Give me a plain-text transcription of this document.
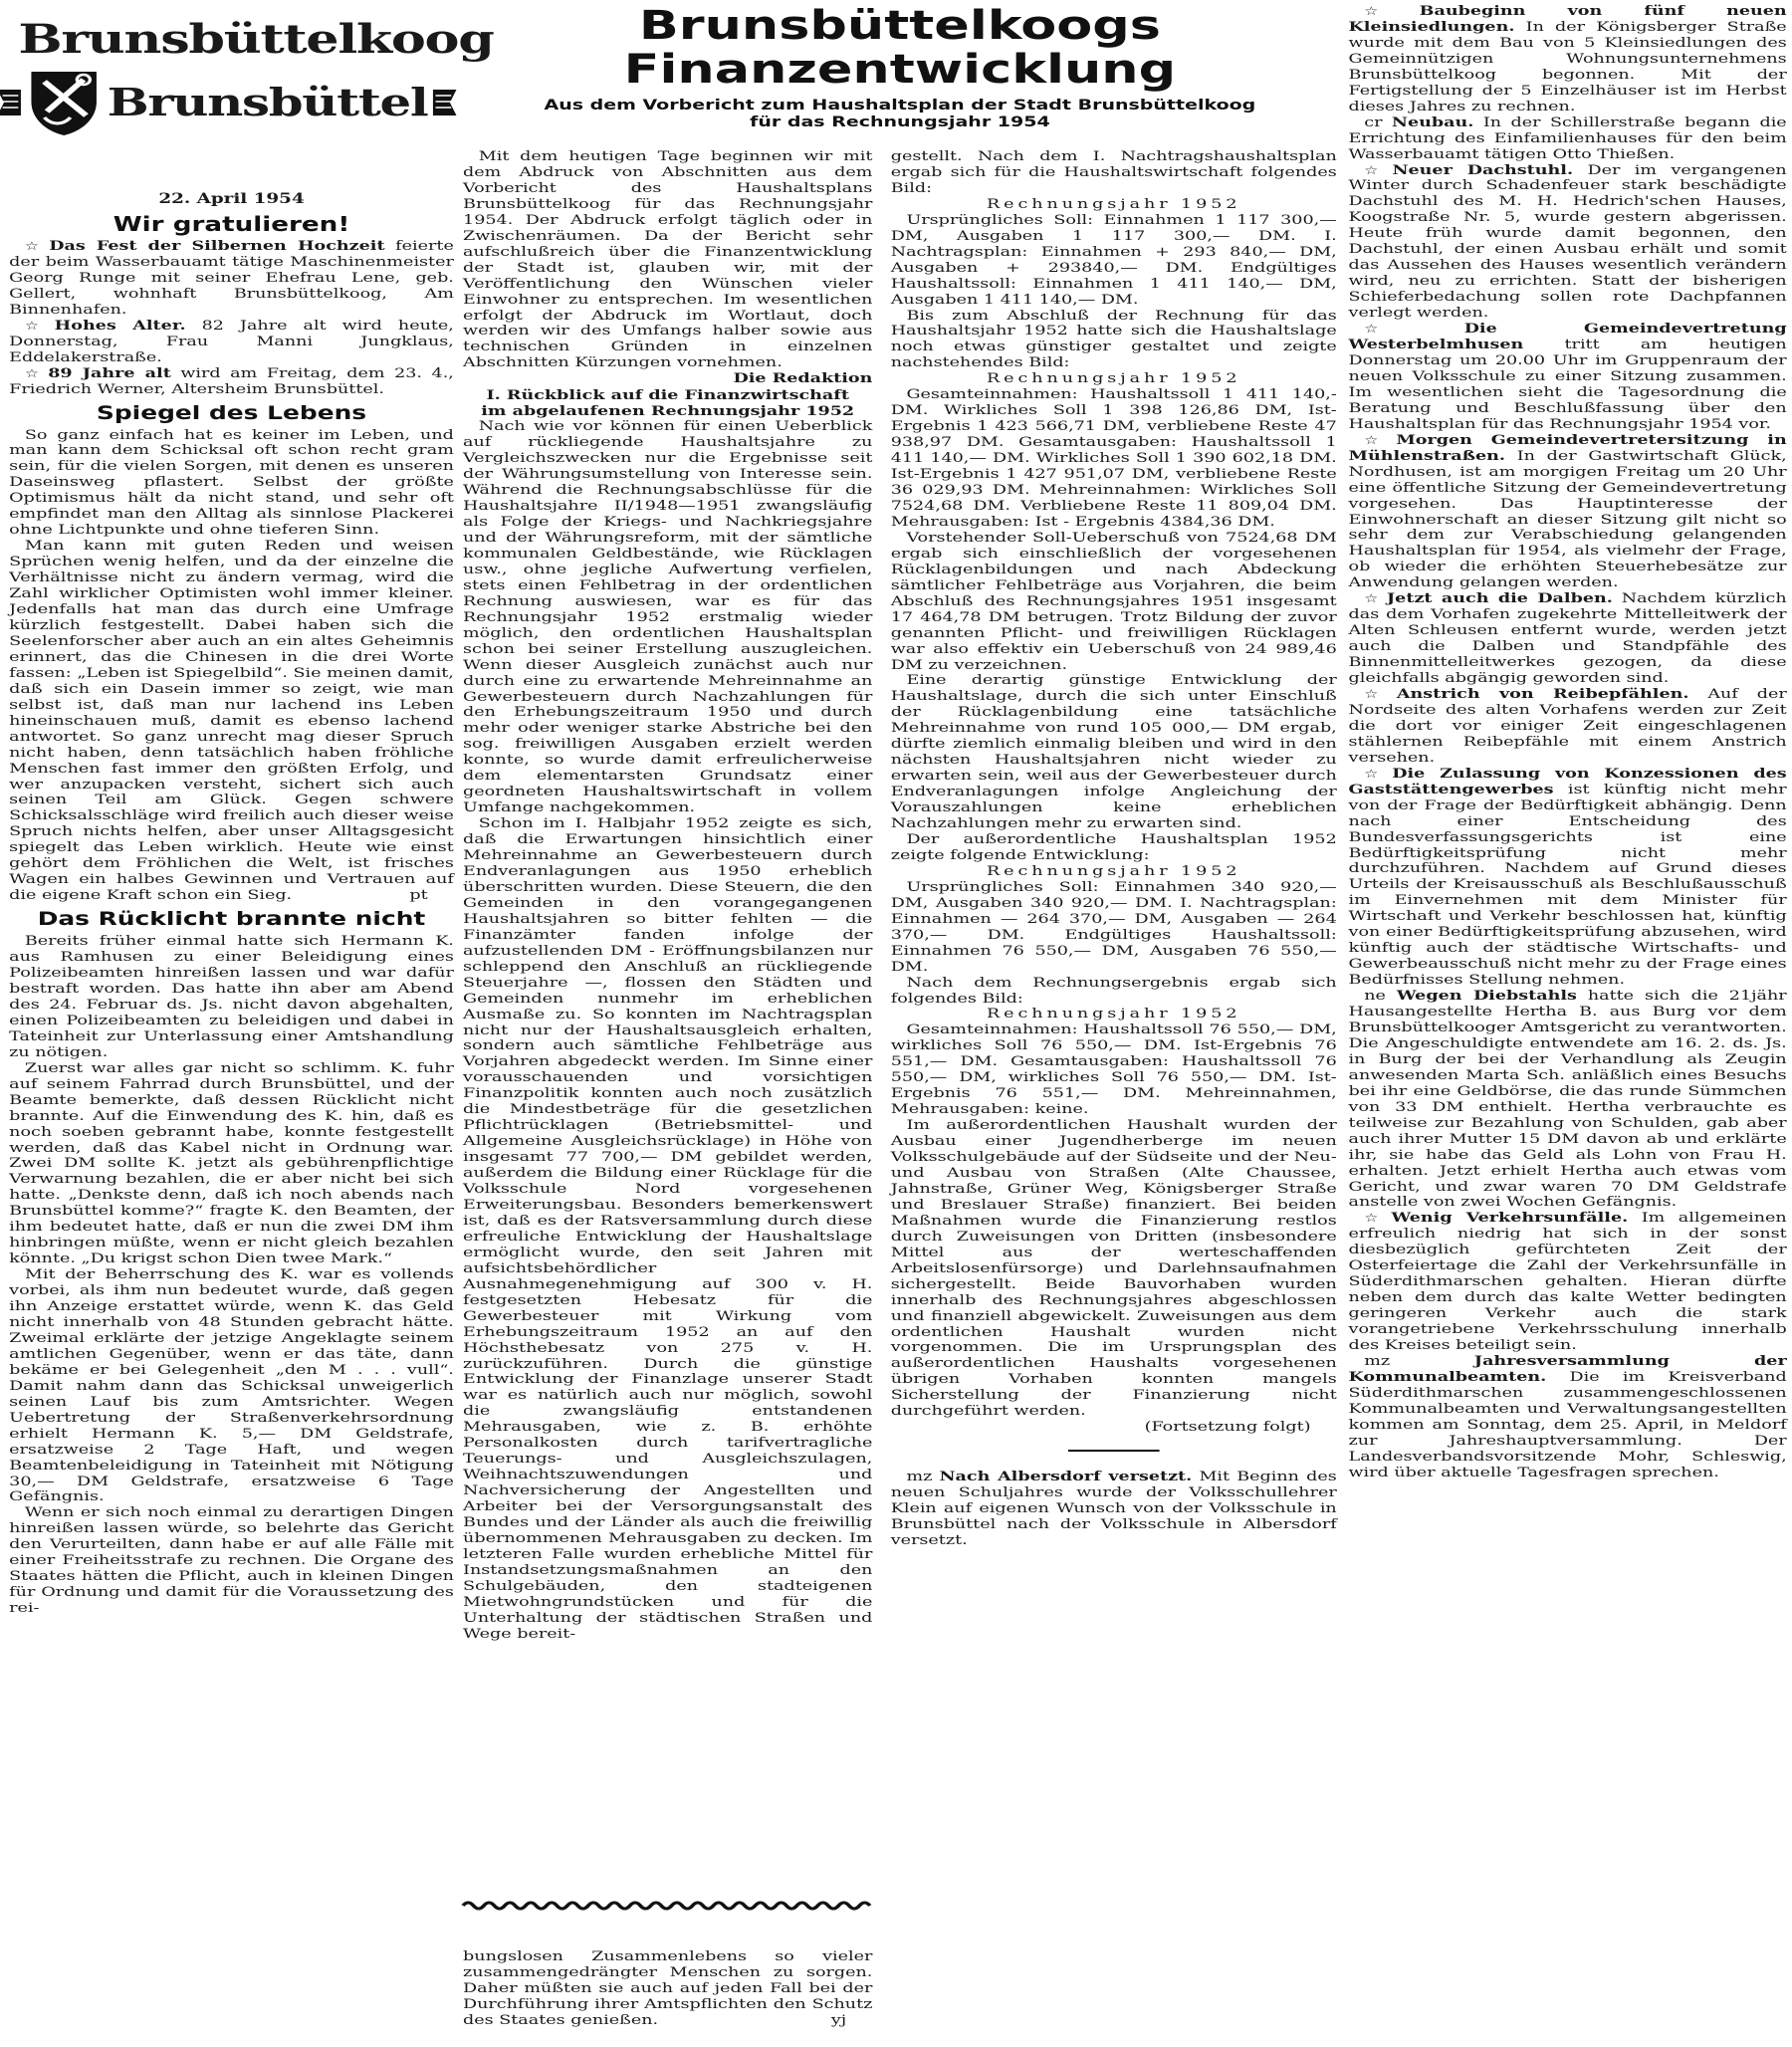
Brunsbüttelkoog
Brunsbüttel
22. April 1954
Wir gratulieren!

☆ Das Fest der Silbernen Hochzeit feierte der beim Wasserbauamt tätige Maschinenmeister Georg Runge mit seiner Ehefrau Lene, geb. Gellert, wohnhaft Brunsbüttelkoog, Am Binnenhafen.

☆ Hohes Alter. 82 Jahre alt wird heute, Donnerstag, Frau Manni Jungklaus, Eddelakerstraße.

☆ 89 Jahre alt wird am Freitag, dem 23. 4., Friedrich Werner, Altersheim Brunsbüttel.

Spiegel des Lebens

So ganz einfach hat es keiner im Leben, und man kann dem Schicksal oft schon recht gram sein, für die vielen Sorgen, mit denen es unseren Daseinsweg pflastert. Selbst der größte Optimismus hält da nicht stand, und sehr oft empfindet man den Alltag als sinnlose Plackerei ohne Lichtpunkte und ohne tieferen Sinn.

Man kann mit guten Reden und weisen Sprüchen wenig helfen, und da der einzelne die Verhältnisse nicht zu ändern vermag, wird die Zahl wirklicher Optimisten wohl immer kleiner. Jedenfalls hat man das durch eine Umfrage kürzlich festgestellt. Dabei haben sich die Seelenforscher aber auch an ein altes Geheimnis erinnert, das die Chinesen in die drei Worte fassen: „Leben ist Spiegelbild“. Sie meinen damit, daß sich ein Dasein immer so zeigt, wie man selbst ist, daß man nur lachend ins Leben hineinschauen muß, damit es ebenso lachend antwortet. So ganz unrecht mag dieser Spruch nicht haben, denn tatsächlich haben fröhliche Menschen fast immer den größten Erfolg, und wer anzupacken versteht, sichert sich auch seinen Teil am Glück. Gegen schwere Schicksalsschläge wird freilich auch dieser weise Spruch nichts helfen, aber unser Alltagsgesicht spiegelt das Leben wirklich. Heute wie einst gehört dem Fröhlichen die Welt, ist frisches Wagen ein halbes Gewinnen und Vertrauen auf die eigene Kraft schon ein Sieg.	pt

Das Rücklicht brannte nicht

Bereits früher einmal hatte sich Hermann K. aus Ramhusen zu einer Beleidigung eines Polizeibeamten hinreißen lassen und war dafür bestraft worden. Das hatte ihn aber am Abend des 24. Februar ds. Js. nicht davon abgehalten, einen Polizeibeamten zu beleidigen und dabei in Tateinheit zur Unterlassung einer Amtshandlung zu nötigen.

Zuerst war alles gar nicht so schlimm. K. fuhr auf seinem Fahrrad durch Brunsbüttel, und der Beamte bemerkte, daß dessen Rücklicht nicht brannte. Auf die Einwendung des K. hin, daß es noch soeben gebrannt habe, konnte festgestellt werden, daß das Kabel nicht in Ordnung war. Zwei DM sollte K. jetzt als gebührenpflichtige Verwarnung bezahlen, die er aber nicht bei sich hatte. „Denkste denn, daß ich noch abends nach Brunsbüttel komme?“ fragte K. den Beamten, der ihm bedeutet hatte, daß er nun die zwei DM ihm hinbringen müßte, wenn er nicht gleich bezahlen könnte. „Du krigst schon Dien twee Mark.“

Mit der Beherrschung des K. war es vollends vorbei, als ihm nun bedeutet wurde, daß gegen ihn Anzeige erstattet würde, wenn K. das Geld nicht innerhalb von 48 Stunden gebracht hätte. Zweimal erklärte der jetzige Angeklagte seinem amtlichen Gegenüber, wenn er das täte, dann bekäme er bei Gelegenheit „den M . . . vull“. Damit nahm dann das Schicksal unweigerlich seinen Lauf bis zum Amtsrichter. Wegen Uebertretung der Straßenverkehrsordnung erhielt Hermann K. 5,— DM Geldstrafe, ersatzweise 2 Tage Haft, und wegen Beamtenbeleidigung in Tateinheit mit Nötigung 30,— DM Geldstrafe, ersatzweise 6 Tage Gefängnis.

Wenn er sich noch einmal zu derartigen Dingen hinreißen lassen würde, so belehrte das Gericht den Verurteilten, dann habe er auf alle Fälle mit einer Freiheitsstrafe zu rechnen. Die Organe des Staates hätten die Pflicht, auch in kleinen Dingen für Ordnung und damit für die Voraussetzung des rei-

Brunsbüttelkoogs
Finanzentwicklung
Aus dem Vorbericht zum Haushaltsplan der Stadt Brunsbüttelkoog
für das Rechnungsjahr 1954

Mit dem heutigen Tage beginnen wir mit dem Abdruck von Abschnitten aus dem Vorbericht des Haushaltsplans Brunsbüttelkoog für das Rechnungsjahr 1954. Der Abdruck erfolgt täglich oder in Zwischenräumen. Da der Bericht sehr aufschlußreich über die Finanzentwicklung der Stadt ist, glauben wir, mit der Veröffentlichung den Wünschen vieler Einwohner zu entsprechen. Im wesentlichen erfolgt der Abdruck im Wortlaut, doch werden wir des Umfangs halber sowie aus technischen Gründen in einzelnen Abschnitten Kürzungen vornehmen.
Die Redaktion

I. Rückblick auf die Finanzwirtschaft im abgelaufenen Rechnungsjahr 1952

Nach wie vor können für einen Ueberblick auf rückliegende Haushaltsjahre zu Vergleichszwecken nur die Ergebnisse seit der Währungsumstellung von Interesse sein. Während die Rechnungsabschlüsse für die Haushaltsjahre II/1948—1951 zwangsläufig als Folge der Kriegs- und Nachkriegsjahre und der Währungsreform, mit der sämtliche kommunalen Geldbestände, wie Rücklagen usw., ohne jegliche Aufwertung verfielen, stets einen Fehlbetrag in der ordentlichen Rechnung auswiesen, war es für das Rechnungsjahr 1952 erstmalig wieder möglich, den ordentlichen Haushaltsplan schon bei seiner Erstellung auszugleichen. Wenn dieser Ausgleich zunächst auch nur durch eine zu erwartende Mehreinnahme an Gewerbesteuern durch Nachzahlungen für den Erhebungszeitraum 1950 und durch mehr oder weniger starke Abstriche bei den sog. freiwilligen Ausgaben erzielt werden konnte, so wurde damit erfreulicherweise dem elementarsten Grundsatz einer geordneten Haushaltswirtschaft in vollem Umfange nachgekommen.

Schon im I. Halbjahr 1952 zeigte es sich, daß die Erwartungen hinsichtlich einer Mehreinnahme an Gewerbesteuern durch Endveranlagungen aus 1950 erheblich überschritten wurden. Diese Steuern, die den Gemeinden in den vorangegangenen Haushaltsjahren so bitter fehlten — die Finanzämter fanden infolge der aufzustellenden DM - Eröffnungsbilanzen nur schleppend den Anschluß an rückliegende Steuerjahre —, flossen den Städten und Gemeinden nunmehr im erheblichen Ausmaße zu. So konnten im Nachtragsplan nicht nur der Haushaltsausgleich erhalten, sondern auch sämtliche Fehlbeträge aus Vorjahren abgedeckt werden. Im Sinne einer vorausschauenden und vorsichtigen Finanzpolitik konnten auch noch zusätzlich die Mindestbeträge für die gesetzlichen Pflichtrücklagen (Betriebsmittel- und Allgemeine Ausgleichsrücklage) in Höhe von insgesamt 77 700,— DM gebildet werden, außerdem die Bildung einer Rücklage für die Volksschule Nord vorgesehenen Erweiterungsbau. Besonders bemerkenswert ist, daß es der Ratsversammlung durch diese erfreuliche Entwicklung der Haushaltslage ermöglicht wurde, den seit Jahren mit aufsichtsbehördlicher Ausnahmegenehmigung auf 300 v. H. festgesetzten Hebesatz für die Gewerbesteuer mit Wirkung vom Erhebungszeitraum 1952 an auf den Höchsthebesatz von 275 v. H. zurückzuführen. Durch die günstige Entwicklung der Finanzlage unserer Stadt war es natürlich auch nur möglich, sowohl die zwangsläufig entstandenen Mehrausgaben, wie z. B. erhöhte Personalkosten durch tarifvertragliche Teuerungs- und Ausgleichszulagen, Weihnachtszuwendungen und Nachversicherung der Angestellten und Arbeiter bei der Versorgungsanstalt des Bundes und der Länder als auch die freiwillig übernommenen Mehrausgaben zu decken. Im letzteren Falle wurden erhebliche Mittel für Instandsetzungsmaßnahmen an den Schulgebäuden, den stadteigenen Mietwohngrundstücken und für die Unterhaltung der städtischen Straßen und Wege bereit-

bungslosen Zusammenlebens so vieler zusammengedrängter Menschen zu sorgen. Daher müßten sie auch auf jeden Fall bei der Durchführung ihrer Amtspflichten den Schutz des Staates genießen.	yj

gestellt. Nach dem I. Nachtragshaushaltsplan ergab sich für die Haushaltswirtschaft folgendes Bild:

Rechnungsjahr 1952

Ursprüngliches Soll: Einnahmen 1 117 300,— DM, Ausgaben 1 117 300,— DM. I. Nachtragsplan: Einnahmen + 293 840,— DM, Ausgaben + 293840,— DM. Endgültiges Haushaltssoll: Einnahmen 1 411 140,— DM, Ausgaben 1 411 140,— DM.

Bis zum Abschluß der Rechnung für das Haushaltsjahr 1952 hatte sich die Haushaltslage noch etwas günstiger gestaltet und zeigte nachstehendes Bild:

Rechnungsjahr 1952

Gesamteinnahmen: Haushaltssoll 1 411 140,- DM. Wirkliches Soll 1 398 126,86 DM, Ist-Ergebnis 1 423 566,71 DM, verbliebene Reste 47 938,97 DM. Gesamtausgaben: Haushaltssoll 1 411 140,— DM. Wirkliches Soll 1 390 602,18 DM. Ist-Ergebnis 1 427 951,07 DM, verbliebene Reste 36 029,93 DM. Mehreinnahmen: Wirkliches Soll 7524,68 DM. Verbliebene Reste 11 809,04 DM. Mehrausgaben: Ist - Ergebnis 4384,36 DM.

Vorstehender Soll-Ueberschuß von 7524,68 DM ergab sich einschließlich der vorgesehenen Rücklagenbildungen und nach Abdeckung sämtlicher Fehlbeträge aus Vorjahren, die beim Abschluß des Rechnungsjahres 1951 insgesamt 17 464,78 DM betrugen. Trotz Bildung der zuvor genannten Pflicht- und freiwilligen Rücklagen war also effektiv ein Ueberschuß von 24 989,46 DM zu verzeichnen.

Eine derartig günstige Entwicklung der Haushaltslage, durch die sich unter Einschluß der Rücklagenbildung eine tatsächliche Mehreinnahme von rund 105 000,— DM ergab, dürfte ziemlich einmalig bleiben und wird in den nächsten Haushaltsjahren nicht wieder zu erwarten sein, weil aus der Gewerbesteuer durch Endveranlagungen infolge Angleichung der Vorauszahlungen keine erheblichen Nachzahlungen mehr zu erwarten sind.

Der außerordentliche Haushaltsplan 1952 zeigte folgende Entwicklung:

Rechnungsjahr 1952

Ursprüngliches Soll: Einnahmen 340 920,— DM, Ausgaben 340 920,— DM. I. Nachtragsplan: Einnahmen — 264 370,— DM, Ausgaben — 264 370,— DM. Endgültiges Haushaltssoll: Einnahmen 76 550,— DM, Ausgaben 76 550,— DM.

Nach dem Rechnungsergebnis ergab sich folgendes Bild:

Rechnungsjahr 1952

Gesamteinnahmen: Haushaltssoll 76 550,— DM, wirkliches Soll 76 550,— DM. Ist-Ergebnis 76 551,— DM. Gesamtausgaben: Haushaltssoll 76 550,— DM, wirkliches Soll 76 550,— DM. Ist-Ergebnis 76 551,— DM. Mehreinnahmen, Mehrausgaben: keine.

Im außerordentlichen Haushalt wurden der Ausbau einer Jugendherberge im neuen Volksschulgebäude auf der Südseite und der Neu- und Ausbau von Straßen (Alte Chaussee, Jahnstraße, Grüner Weg, Königsberger Straße und Breslauer Straße) finanziert. Bei beiden Maßnahmen wurde die Finanzierung restlos durch Zuweisungen von Dritten (insbesondere Mittel aus der werteschaffenden Arbeitslosenfürsorge) und Darlehnsaufnahmen sichergestellt. Beide Bauvorhaben wurden innerhalb des Rechnungsjahres abgeschlossen und finanziell abgewickelt. Zuweisungen aus dem ordentlichen Haushalt wurden nicht vorgenommen. Die im Ursprungsplan des außerordentlichen Haushalts vorgesehenen übrigen Vorhaben konnten mangels Sicherstellung der Finanzierung nicht durchgeführt werden.

(Fortsetzung folgt)

mz Nach Albersdorf versetzt. Mit Beginn des neuen Schuljahres wurde der Volksschullehrer Klein auf eigenen Wunsch von der Volksschule in Brunsbüttel nach der Volksschule in Albersdorf versetzt.

☆ Baubeginn von fünf neuen Kleinsiedlungen. In der Königsberger Straße wurde mit dem Bau von 5 Kleinsiedlungen des Gemeinnützigen Wohnungsunternehmens Brunsbüttelkoog begonnen. Mit der Fertigstellung der 5 Einzelhäuser ist im Herbst dieses Jahres zu rechnen.

cr Neubau. In der Schillerstraße begann die Errichtung des Einfamilienhauses für den beim Wasserbauamt tätigen Otto Thießen.

☆ Neuer Dachstuhl. Der im vergangenen Winter durch Schadenfeuer stark beschädigte Dachstuhl des M. H. Hedrich'schen Hauses, Koogstraße Nr. 5, wurde gestern abgerissen. Heute früh wurde damit begonnen, den Dachstuhl, der einen Ausbau erhält und somit das Aussehen des Hauses wesentlich verändern wird, neu zu errichten. Statt der bisherigen Schieferbedachung sollen rote Dachpfannen verlegt werden.

☆ Die Gemeindevertretung Westerbelmhusen	tritt am heutigen Donnerstag um 20.00 Uhr im Gruppenraum der neuen Volksschule zu einer Sitzung zusammen. Im wesentlichen sieht die Tagesordnung die Beratung und Beschlußfassung über den Haushaltsplan für das Rechnungsjahr 1954 vor.

☆ Morgen Gemeindevertretersitzung in Mühlenstraßen. In der Gastwirtschaft Glück, Nordhusen, ist am morgigen Freitag um 20 Uhr eine öffentliche Sitzung der Gemeindevertretung vorgesehen. Das Hauptinteresse der Einwohnerschaft an dieser Sitzung gilt nicht so sehr dem zur Verabschiedung gelangenden Haushaltsplan für 1954, als vielmehr der Frage, ob wieder die erhöhten Steuerhebesätze zur Anwendung gelangen werden.

☆ Jetzt auch die Dalben. Nachdem kürzlich das dem Vorhafen zugekehrte Mittelleitwerk der Alten Schleusen entfernt wurde, werden jetzt auch die Dalben und Standpfähle des Binnenmittelleitwerkes gezogen, da diese gleichfalls abgängig geworden sind.

☆ Anstrich von Reibepfählen. Auf der Nordseite des alten Vorhafens werden zur Zeit die dort vor einiger Zeit eingeschlagenen stählernen Reibepfähle mit einem Anstrich versehen.

☆ Die Zulassung von Konzessionen des Gaststättengewerbes ist künftig nicht mehr von der Frage der Bedürftigkeit abhängig. Denn nach einer Entscheidung des Bundesverfassungsgerichts ist eine Bedürftigkeitsprüfung nicht mehr durchzuführen. Nachdem auf Grund dieses Urteils der Kreisausschuß als Beschlußausschuß im Einvernehmen mit dem Minister für Wirtschaft und Verkehr beschlossen hat, künftig von einer Bedürftigkeitsprüfung abzusehen, wird künftig auch der städtische Wirtschafts- und Gewerbeausschuß nicht mehr zu der Frage eines Bedürfnisses Stellung nehmen.

ne Wegen Diebstahls hatte sich die 21jähr Hausangestellte Hertha B. aus Burg vor dem Brunsbüttelkooger Amtsgericht zu verantworten. Die Angeschuldigte entwendete am 16. 2. ds. Js. in Burg der bei der Verhandlung als Zeugin anwesenden Marta Sch. anläßlich eines Besuchs bei ihr eine Geldbörse, die das runde Sümmchen von 33 DM enthielt. Hertha verbrauchte es teilweise zur Bezahlung von Schulden, gab aber auch ihrer Mutter 15 DM davon ab und erklärte ihr, sie habe das Geld als Lohn von Frau H. erhalten. Jetzt erhielt Hertha auch etwas vom Gericht, und zwar waren 70 DM Geldstrafe anstelle von zwei Wochen Gefängnis.

☆ Wenig Verkehrsunfälle. Im allgemeinen erfreulich niedrig hat sich in der sonst diesbezüglich gefürchteten Zeit der Osterfeiertage die Zahl der Verkehrsunfälle in Süderdithmarschen gehalten. Hieran dürfte neben dem durch das kalte Wetter bedingten geringeren Verkehr auch die stark vorangetriebene Verkehrsschulung innerhalb des Kreises beteiligt sein.

mz	Jahresversammlung der Kommunalbeamten. Die im Kreisverband Süderdithmarschen zusammengeschlossenen Kommunalbeamten und Verwaltungsangestellten kommen am Sonntag, dem 25. April, in Meldorf zur Jahreshauptversammlung. Der Landesverbandsvorsitzende Mohr, Schleswig, wird über aktuelle Tagesfragen sprechen.
